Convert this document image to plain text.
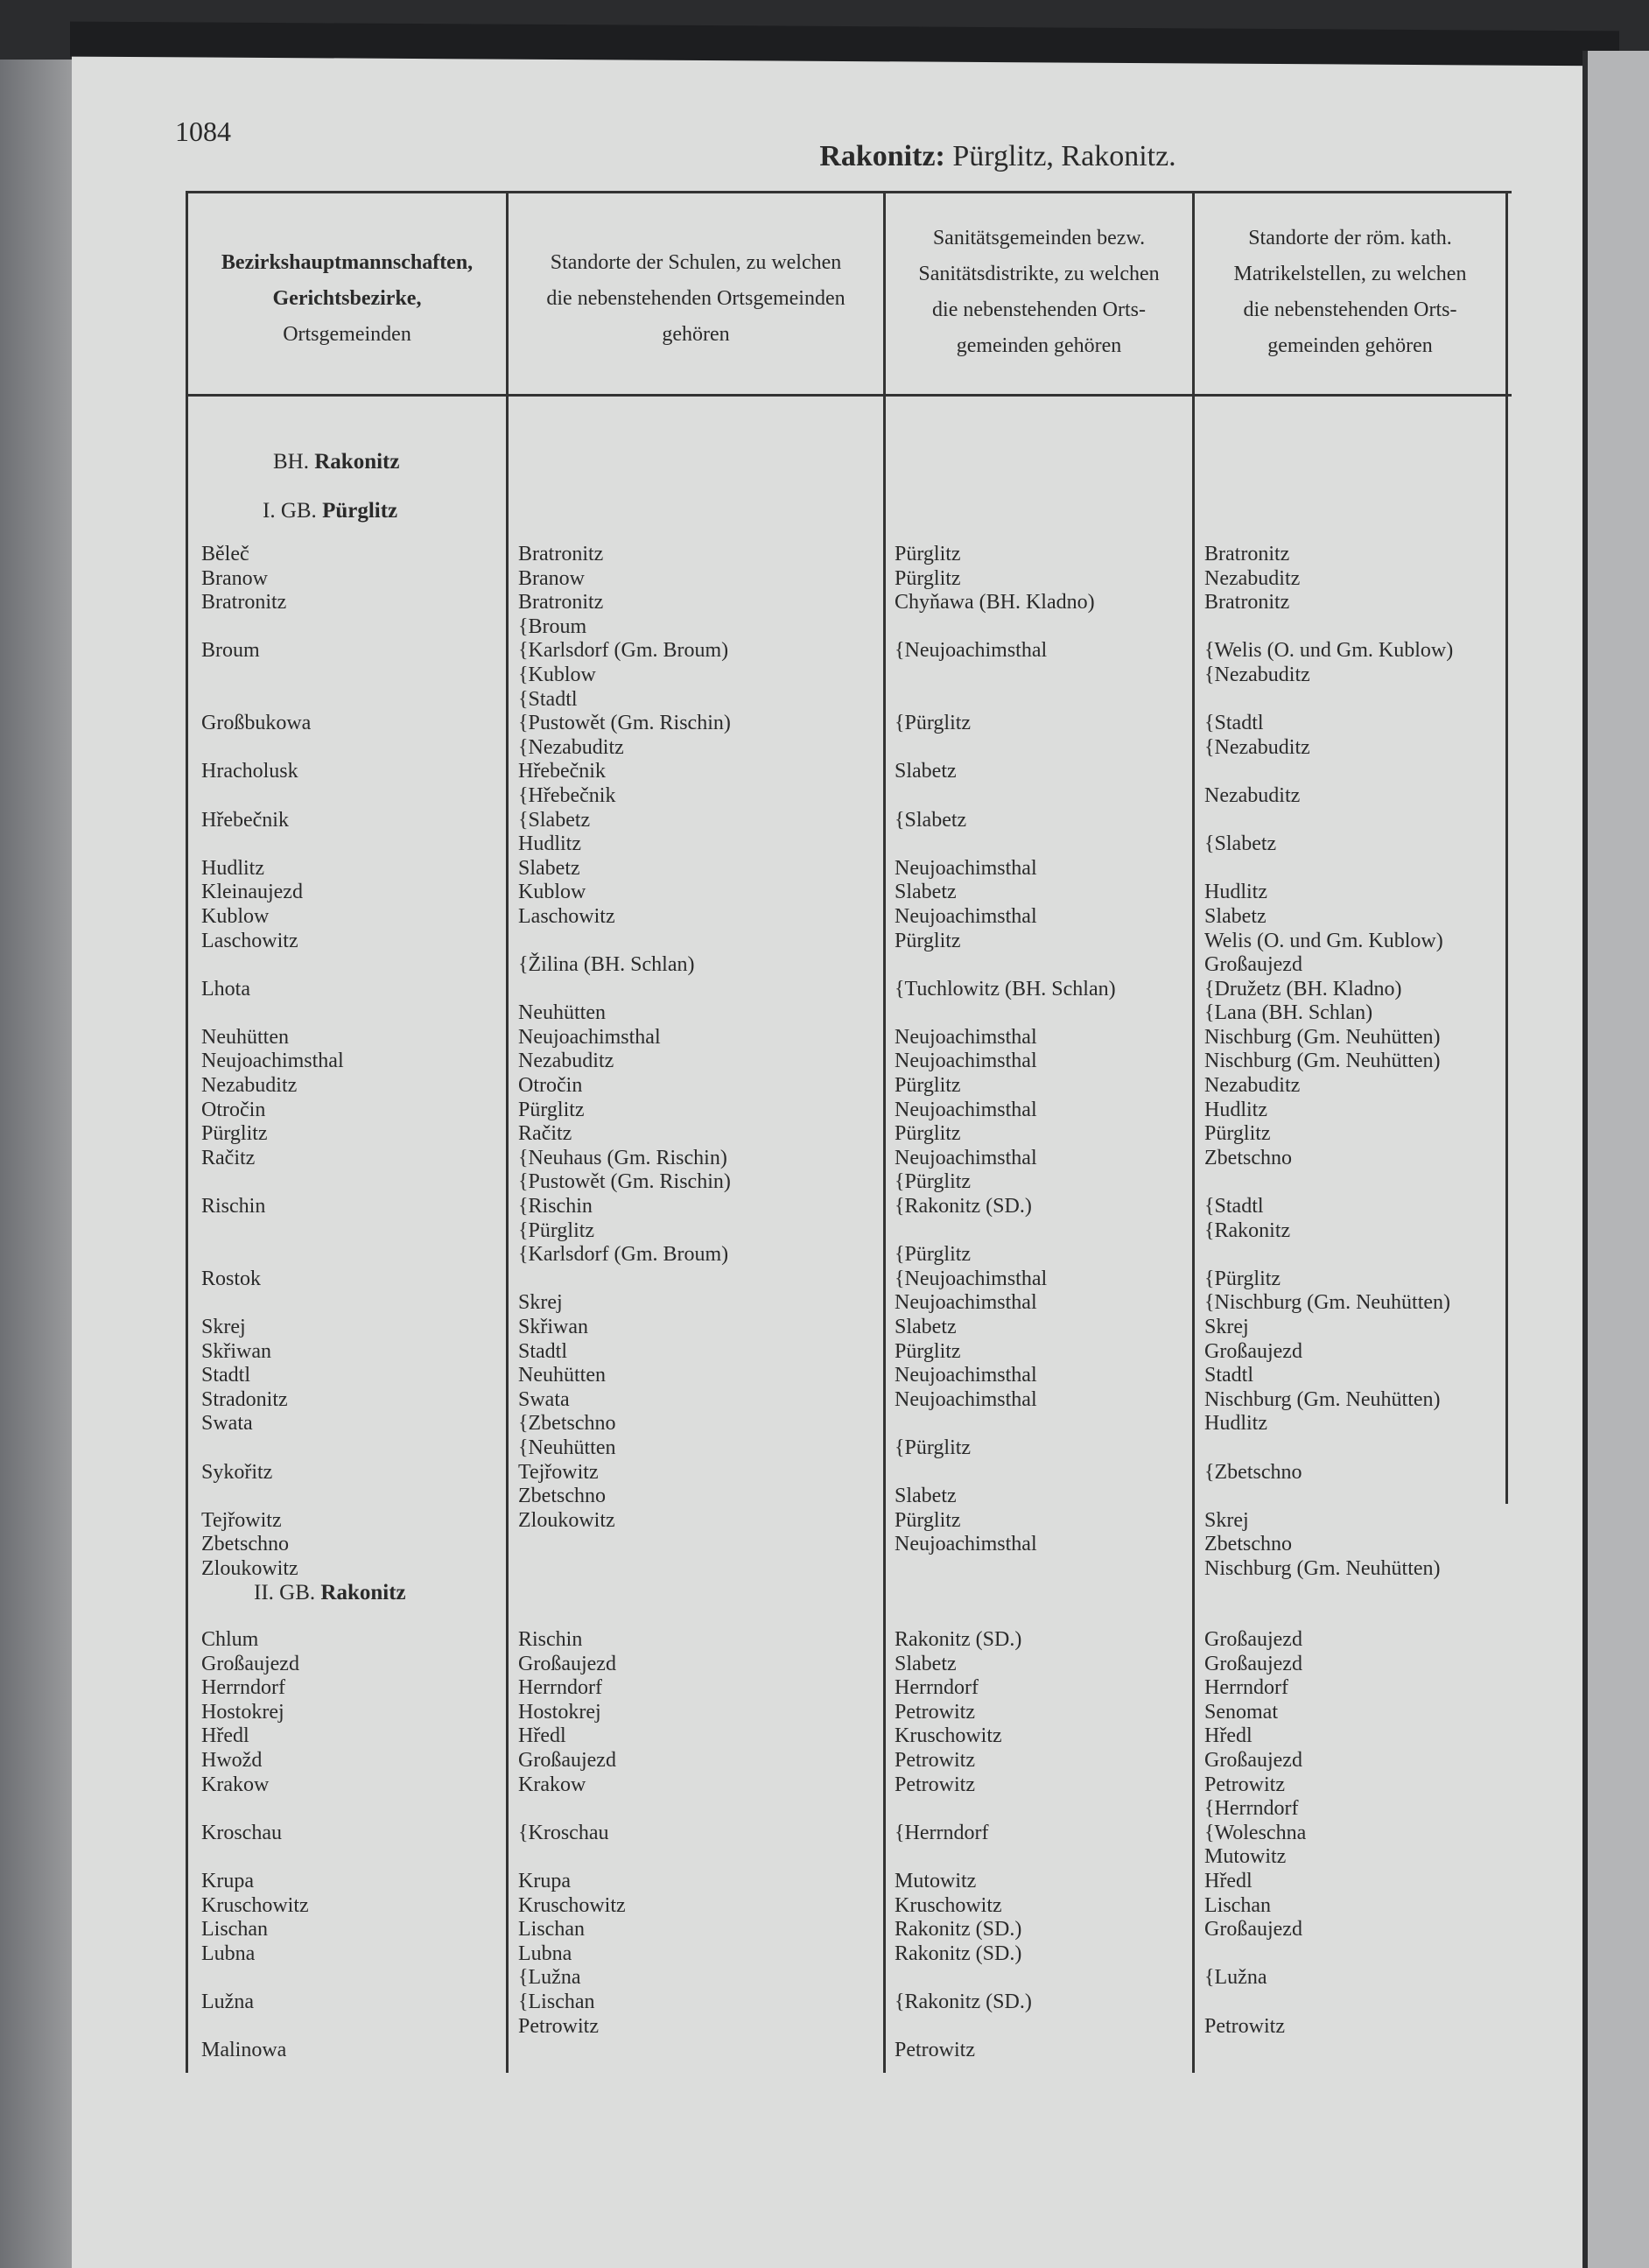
1084
Rakonitz: Pürglitz, Rakonitz.
Bezirkshauptmannschaften,
Gerichtsbezirke,
Ortsgemeinden
Standorte der Schulen, zu welchen
die nebenstehenden Ortsgemeinden
gehören
Sanitätsgemeinden bezw.
Sanitätsdistrikte, zu welchen
die nebenstehenden Orts-
gemeinden gehören
Standorte der röm. kath.
Matrikelstellen, zu welchen
die nebenstehenden Orts-
gemeinden gehören
BH. Rakonitz
I. GB. Pürglitz
II. GB. Rakonitz
Běleč
Branow
Bratronitz
Broum
Großbukowa
Hracholusk
Hřebečnik
Hudlitz
Kleinaujezd
Kublow
Laschowitz
Lhota
Neuhütten
Neujoachimsthal
Nezabuditz
Otročin
Pürglitz
Račitz
Rischin
Rostok
Skrej
Skřiwan
Stadtl
Stradonitz
Swata
Sykořitz
Tejřowitz
Zbetschno
Zloukowitz
Bratronitz
Branow
Bratronitz
{Broum
{Karlsdorf (Gm. Broum)
{Kublow
{Stadtl
{Pustowět (Gm. Rischin)
{Nezabuditz
Hřebečnik
{Hřebečnik
{Slabetz
Hudlitz
Slabetz
Kublow
Laschowitz
{Žilina (BH. Schlan)
Neuhütten
Neujoachimsthal
Nezabuditz
Otročin
Pürglitz
Račitz
{Neuhaus (Gm. Rischin)
{Pustowět (Gm. Rischin)
{Rischin
{Pürglitz
{Karlsdorf (Gm. Broum)
Skrej
Skřiwan
Stadtl
Neuhütten
Swata
{Zbetschno
{Neuhütten
Tejřowitz
Zbetschno
Zloukowitz
Pürglitz
Pürglitz
Chyňawa (BH. Kladno)
{Neujoachimsthal
{Pürglitz
Slabetz
{Slabetz
Neujoachimsthal
Slabetz
Neujoachimsthal
Pürglitz
{Tuchlowitz (BH. Schlan)
Neujoachimsthal
Neujoachimsthal
Pürglitz
Neujoachimsthal
Pürglitz
Neujoachimsthal
{Pürglitz
{Rakonitz (SD.)
{Pürglitz
{Neujoachimsthal
Neujoachimsthal
Slabetz
Pürglitz
Neujoachimsthal
Neujoachimsthal
{Pürglitz
Slabetz
Pürglitz
Neujoachimsthal
Bratronitz
Nezabuditz
Bratronitz
{Welis (O. und Gm. Kublow)
{Nezabuditz
{Stadtl
{Nezabuditz
Nezabuditz
{Slabetz
Hudlitz
Slabetz
Welis (O. und Gm. Kublow)
Großaujezd
{Družetz (BH. Kladno)
{Lana (BH. Schlan)
Nischburg (Gm. Neuhütten)
Nischburg (Gm. Neuhütten)
Nezabuditz
Hudlitz
Pürglitz
Zbetschno
{Stadtl
{Rakonitz
{Pürglitz
{Nischburg (Gm. Neuhütten)
Skrej
Großaujezd
Stadtl
Nischburg (Gm. Neuhütten)
Hudlitz
{Zbetschno
Skrej
Zbetschno
Nischburg (Gm. Neuhütten)
Chlum
Großaujezd
Herrndorf
Hostokrej
Hředl
Hwožd
Krakow
Kroschau
Krupa
Kruschowitz
Lischan
Lubna
Lužna
Malinowa
Rischin
Großaujezd
Herrndorf
Hostokrej
Hředl
Großaujezd
Krakow
{Kroschau
Krupa
Kruschowitz
Lischan
Lubna
{Lužna
{Lischan
Petrowitz
Rakonitz (SD.)
Slabetz
Herrndorf
Petrowitz
Kruschowitz
Petrowitz
Petrowitz
{Herrndorf
Mutowitz
Kruschowitz
Rakonitz (SD.)
Rakonitz (SD.)
{Rakonitz (SD.)
Petrowitz
Großaujezd
Großaujezd
Herrndorf
Senomat
Hředl
Großaujezd
Petrowitz
{Herrndorf
{Woleschna
Mutowitz
Hředl
Lischan
Großaujezd
{Lužna
Petrowitz
